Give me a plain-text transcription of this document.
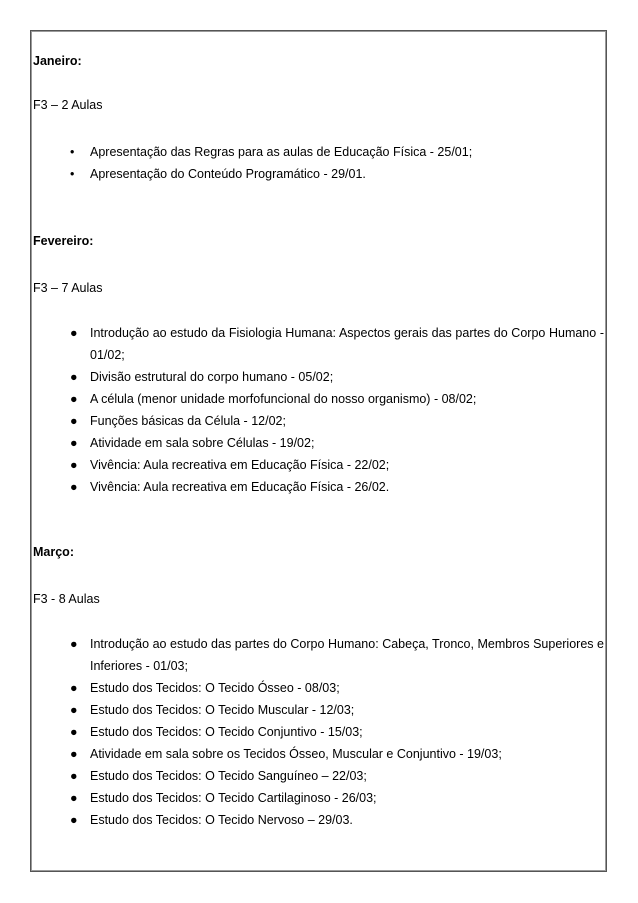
Janeiro:
F3 – 2 Aulas
• Apresentação das Regras para as aulas de Educação Física - 25/01;
• Apresentação do Conteúdo Programático - 29/01.
Fevereiro:
F3 – 7 Aulas
● Introdução ao estudo da Fisiologia Humana: Aspectos gerais das partes do Corpo Humano - 01/02;
● Divisão estrutural do corpo humano - 05/02;
● A célula (menor unidade morfofuncional do nosso organismo) - 08/02;
● Funções básicas da Célula - 12/02;
● Atividade em sala sobre Células - 19/02;
● Vivência: Aula recreativa em Educação Física - 22/02;
● Vivência: Aula recreativa em Educação Física - 26/02.
Março:
F3 - 8 Aulas
● Introdução ao estudo das partes do Corpo Humano: Cabeça, Tronco, Membros Superiores e Inferiores - 01/03;
● Estudo dos Tecidos: O Tecido Ósseo - 08/03;
● Estudo dos Tecidos: O Tecido Muscular - 12/03;
● Estudo dos Tecidos: O Tecido Conjuntivo - 15/03;
● Atividade em sala sobre os Tecidos Ósseo, Muscular e Conjuntivo - 19/03;
● Estudo dos Tecidos: O Tecido Sanguíneo – 22/03;
● Estudo dos Tecidos: O Tecido Cartilaginoso - 26/03;
● Estudo dos Tecidos: O Tecido Nervoso – 29/03.
